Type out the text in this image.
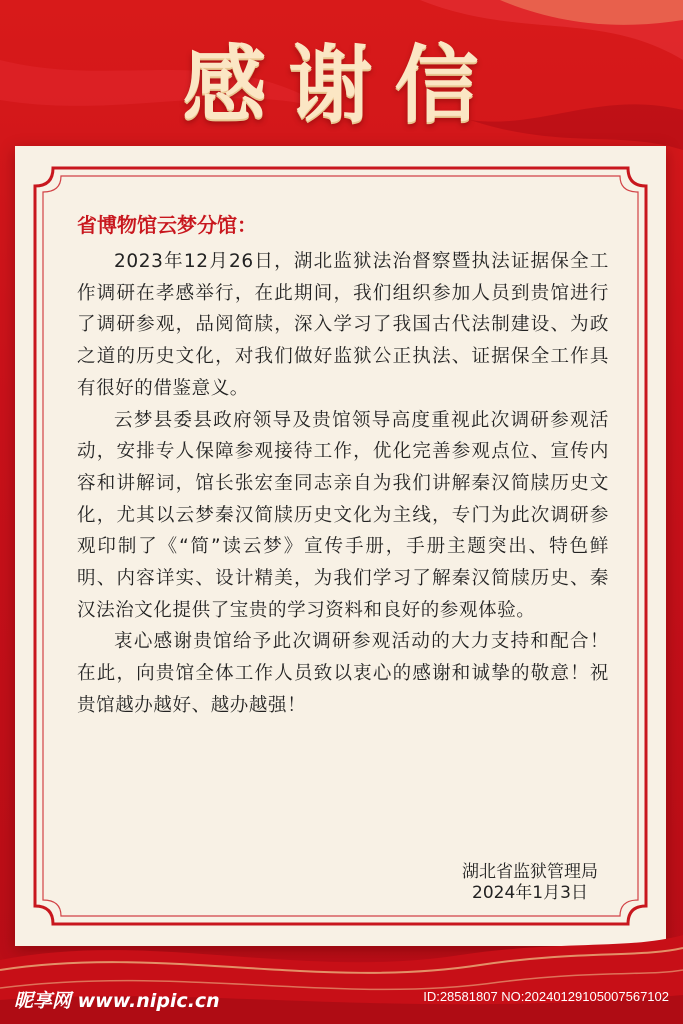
感谢信

省博物馆云梦分馆：

2023年12月26日，湖北监狱法治督察暨执法证据保全工作调研在孝感举行，在此期间，我们组织参加人员到贵馆进行了调研参观，品阅简牍，深入学习了我国古代法制建设、为政之道的历史文化，对我们做好监狱公正执法、证据保全工作具有很好的借鉴意义。

云梦县委县政府领导及贵馆领导高度重视此次调研参观活动，安排专人保障参观接待工作，优化完善参观点位、宣传内容和讲解词，馆长张宏奎同志亲自为我们讲解秦汉简牍历史文化，尤其以云梦秦汉简牍历史文化为主线，专门为此次调研参观印制了《“简”读云梦》宣传手册，手册主题突出、特色鲜明、内容详实、设计精美，为我们学习了解秦汉简牍历史、秦汉法治文化提供了宝贵的学习资料和良好的参观体验。

衷心感谢贵馆给予此次调研参观活动的大力支持和配合！在此，向贵馆全体工作人员致以衷心的感谢和诚挚的敬意！祝贵馆越办越好、越办越强！

湖北省监狱管理局
2024年1月3日
昵享网 www.nipic.cn	ID:28581807 NO:20240129105007567102
